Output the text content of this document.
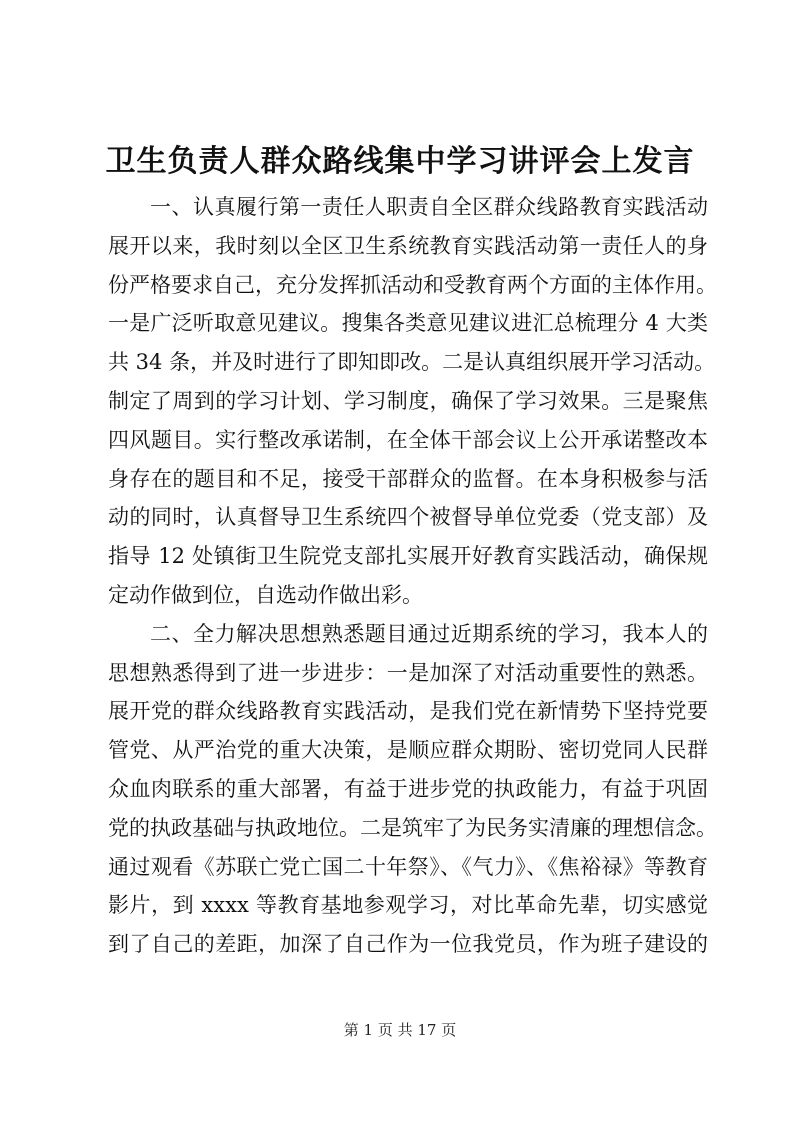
卫生负责人群众路线集中学习讲评会上发言
一、认真履行第一责任人职责自全区群众线路教育实践活动
展开以来，我时刻以全区卫生系统教育实践活动第一责任人的身
份严格要求自己，充分发挥抓活动和受教育两个方面的主体作用。
一是广泛听取意见建议。搜集各类意见建议进汇总梳理分 4 大类
共 34 条，并及时进行了即知即改。二是认真组织展开学习活动。
制定了周到的学习计划、学习制度，确保了学习效果。三是聚焦
四风题目。实行整改承诺制，在全体干部会议上公开承诺整改本
身存在的题目和不足，接受干部群众的监督。在本身积极参与活
动的同时，认真督导卫生系统四个被督导单位党委（党支部）及
指导 12 处镇街卫生院党支部扎实展开好教育实践活动，确保规
定动作做到位，自选动作做出彩。
二、全力解决思想熟悉题目通过近期系统的学习，我本人的
思想熟悉得到了进一步进步：一是加深了对活动重要性的熟悉。
展开党的群众线路教育实践活动，是我们党在新情势下坚持党要
管党、从严治党的重大决策，是顺应群众期盼、密切党同人民群
众血肉联系的重大部署，有益于进步党的执政能力，有益于巩固
党的执政基础与执政地位。二是筑牢了为民务实清廉的理想信念。
通过观看《苏联亡党亡国二十年祭》、《气力》、《焦裕禄》等教育
影片，到 xxxx 等教育基地参观学习，对比革命先辈，切实感觉
到了自己的差距，加深了自己作为一位我党员，作为班子建设的
第 1 页 共 17 页
